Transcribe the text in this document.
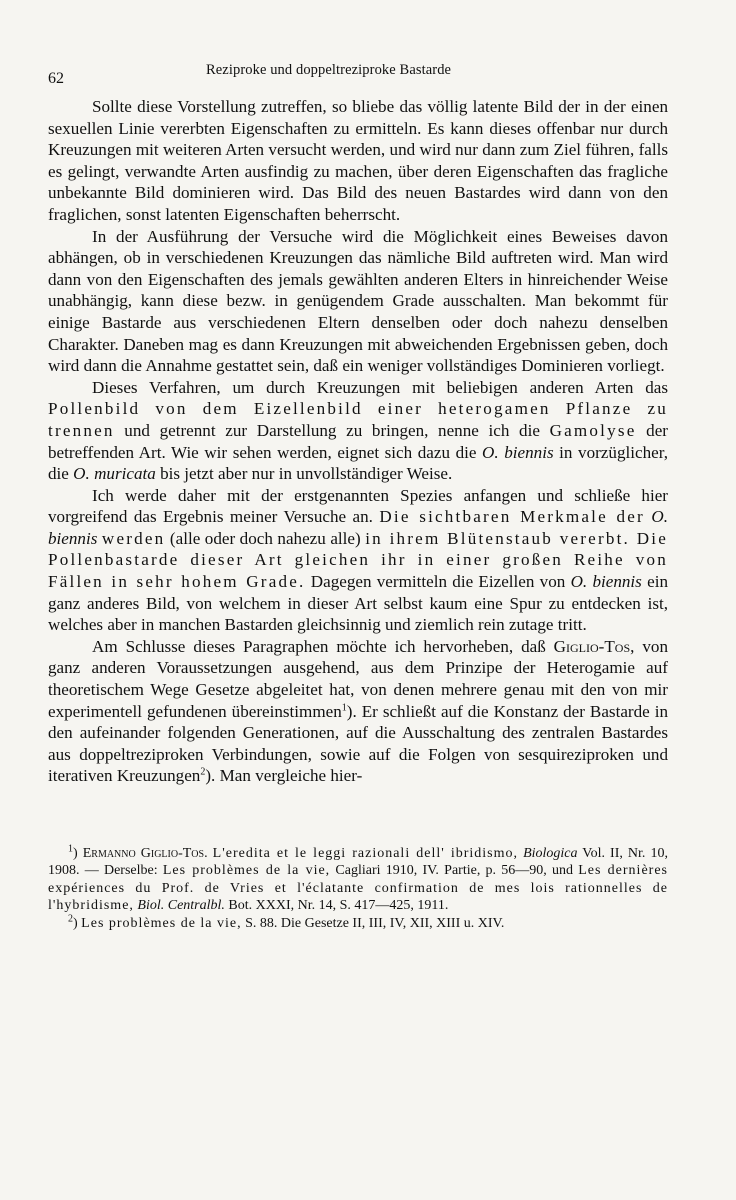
62	Reziproke und doppeltreziproke Bastarde

Sollte diese Vorstellung zutreffen, so bliebe das völlig latente Bild der in der einen sexuellen Linie vererbten Eigenschaften zu ermitteln. Es kann dieses offenbar nur durch Kreuzungen mit weiteren Arten versucht werden, und wird nur dann zum Ziel führen, falls es gelingt, verwandte Arten ausfindig zu machen, über deren Eigenschaften das fragliche unbekannte Bild dominieren wird. Das Bild des neuen Bastardes wird dann von den fraglichen, sonst latenten Eigenschaften beherrscht.

In der Ausführung der Versuche wird die Möglichkeit eines Beweises davon abhängen, ob in verschiedenen Kreuzungen das nämliche Bild auftreten wird. Man wird dann von den Eigenschaften des jemals gewählten anderen Elters in hinreichender Weise unabhängig, kann diese bezw. in genügendem Grade ausschalten. Man bekommt für einige Bastarde aus verschiedenen Eltern denselben oder doch nahezu denselben Charakter. Daneben mag es dann Kreuzungen mit abweichenden Ergebnissen geben, doch wird dann die Annahme gestattet sein, daß ein weniger vollständiges Dominieren vorliegt.

Dieses Verfahren, um durch Kreuzungen mit beliebigen anderen Arten das Pollenbild von dem Eizellenbild einer heterogamen Pflanze zu trennen und getrennt zur Darstellung zu bringen, nenne ich die Gamolyse der betreffenden Art. Wie wir sehen werden, eignet sich dazu die O. biennis in vorzüglicher, die O. muricata bis jetzt aber nur in unvollständiger Weise.

Ich werde daher mit der erstgenannten Spezies anfangen und schließe hier vorgreifend das Ergebnis meiner Versuche an. Die sichtbaren Merkmale der O. biennis werden (alle oder doch nahezu alle) in ihrem Blütenstaub vererbt. Die Pollenbastarde dieser Art gleichen ihr in einer großen Reihe von Fällen in sehr hohem Grade. Dagegen vermitteln die Eizellen von O. biennis ein ganz anderes Bild, von welchem in dieser Art selbst kaum eine Spur zu entdecken ist, welches aber in manchen Bastarden gleichsinnig und ziemlich rein zutage tritt.

Am Schlusse dieses Paragraphen möchte ich hervorheben, daß Giglio-Tos, von ganz anderen Voraussetzungen ausgehend, aus dem Prinzipe der Heterogamie auf theoretischem Wege Gesetze abgeleitet hat, von denen mehrere genau mit den von mir experimentell gefundenen übereinstimmen$^1$). Er schließt auf die Konstanz der Bastarde in den aufeinander folgenden Generationen, auf die Ausschaltung des zentralen Bastardes aus doppeltreziproken Verbindungen, sowie auf die Folgen von sesquireziproken und iterativen Kreuzungen$^2$). Man vergleiche hier-

$^1$) Ermanno Giglio-Tos. L'eredita et le leggi razionali dell' ibridismo, Biologica Vol. II, Nr. 10, 1908. — Derselbe: Les problèmes de la vie, Cagliari 1910, IV. Partie, p. 56—90, und Les dernières expériences du Prof. de Vries et l'éclatante confirmation de mes lois rationnelles de l'hybridisme, Biol. Centralbl. Bot. XXXI, Nr. 14, S. 417—425, 1911.

$^2$) Les problèmes de la vie, S. 88. Die Gesetze II, III, IV, XII, XIII u. XIV.
